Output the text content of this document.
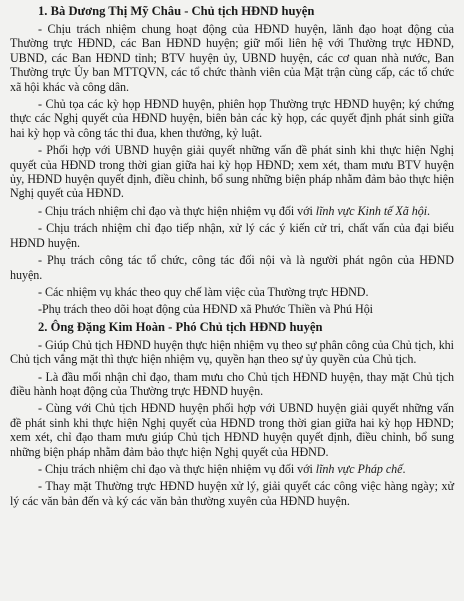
1. Bà Dương Thị Mỹ Châu - Chủ tịch HĐND huyện

- Chịu trách nhiệm chung hoạt động của HĐND huyện, lãnh đạo hoạt động của Thường trực HĐND, các Ban HĐND huyện; giữ mối liên hệ với Thường trực HĐND, UBND, các Ban HĐND tỉnh; BTV huyện ủy, UBND huyện, các cơ quan nhà nước, Ban Thường trực Ủy ban MTTQVN, các tổ chức thành viên của Mặt trận cùng cấp, các tổ chức xã hội khác và công dân.

- Chủ tọa các kỳ họp HĐND huyện, phiên họp Thường trực HĐND huyện; ký chứng thực các Nghị quyết của HĐND huyện, biên bản các kỳ họp, các quyết định phát sinh giữa hai kỳ họp và công tác thi đua, khen thưởng, kỷ luật.

- Phối hợp với UBND huyện giải quyết những vấn đề phát sinh khi thực hiện Nghị quyết của HĐND trong thời gian giữa hai kỳ họp HĐND; xem xét, tham mưu BTV huyện ủy, HĐND huyện quyết định, điều chỉnh, bổ sung những biện pháp nhằm đảm bảo thực hiện Nghị quyết của HĐND.

- Chịu trách nhiệm chỉ đạo và thực hiện nhiệm vụ đối với lĩnh vực Kinh tế Xã hội.

- Chịu trách nhiệm chỉ đạo tiếp nhận, xử lý các ý kiến cử tri, chất vấn của đại biểu HĐND huyện.

- Phụ trách công tác tổ chức, công tác đối nội và là người phát ngôn của HĐND huyện.

- Các nhiệm vụ khác theo quy chế làm việc của Thường trực HĐND.

-Phụ trách theo dõi hoạt động của HĐND xã Phước Thiền và Phú Hội

2. Ông Đặng Kim Hoàn - Phó Chủ tịch HĐND huyện

- Giúp Chủ tịch HĐND huyện thực hiện nhiệm vụ theo sự phân công của Chủ tịch, khi Chủ tịch vắng mặt thì thực hiện nhiệm vụ, quyền hạn theo sự ủy quyền của Chủ tịch.

- Là đầu mối nhận chỉ đạo, tham mưu cho Chủ tịch HĐND huyện, thay mặt Chủ tịch điều hành hoạt động của Thường trực HĐND huyện.

- Cùng với Chủ tịch HĐND huyện phối hợp với UBND huyện giải quyết những vấn đề phát sinh khi thực hiện Nghị quyết của HĐND trong thời gian giữa hai kỳ họp HĐND; xem xét, chỉ đạo tham mưu giúp Chủ tịch HĐND huyện quyết định, điều chỉnh, bổ sung những biện pháp nhằm đảm bảo thực hiện Nghị quyết của HĐND.

- Chịu trách nhiệm chỉ đạo và thực hiện nhiệm vụ đối với lĩnh vực Pháp chế.

- Thay mặt Thường trực HĐND huyện xử lý, giải quyết các công việc hàng ngày; xử lý các văn bản đến và ký các văn bản thường xuyên của HĐND huyện.
